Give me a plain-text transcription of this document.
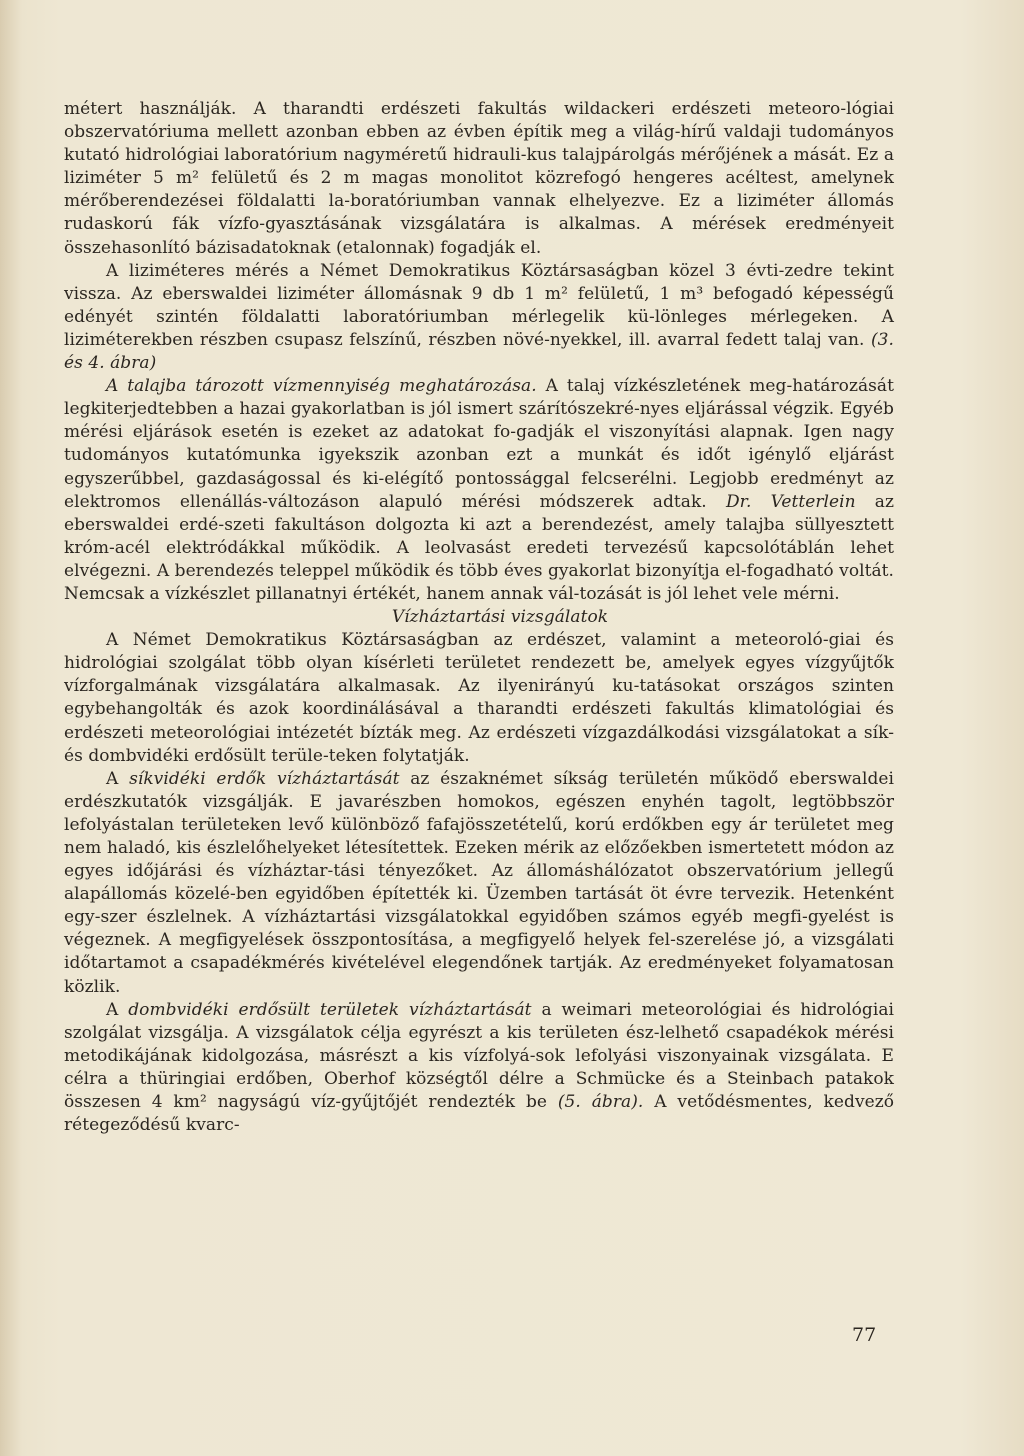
métert használják. A tharandti erdészeti fakultás wildackeri erdészeti meteoro-lógiai obszervatóriuma mellett azonban ebben az évben építik meg a világ-hírű valdaji tudományos kutató hidrológiai laboratórium nagyméretű hidrauli-kus talajpárolgás mérőjének a mását. Ez a liziméter 5 m² felületű és 2 m magas monolitot közrefogó hengeres acéltest, amelynek mérőberendezései földalatti la-boratóriumban vannak elhelyezve. Ez a liziméter állomás rudaskorú fák vízfo-gyasztásának vizsgálatára is alkalmas. A mérések eredményeit összehasonlító bázisadatoknak (etalonnak) fogadják el.

A liziméteres mérés a Német Demokratikus Köztársaságban közel 3 évti-zedre tekint vissza. Az eberswaldei liziméter állomásnak 9 db 1 m² felületű, 1 m³ befogadó képességű edényét szintén földalatti laboratóriumban mérlegelik kü-lönleges mérlegeken. A liziméterekben részben csupasz felszínű, részben növé-nyekkel, ill. avarral fedett talaj van. (3. és 4. ábra)

A talajba tározott vízmennyiség meghatározása. A talaj vízkészletének meg-határozását legkiterjedtebben a hazai gyakorlatban is jól ismert szárítószekré-nyes eljárással végzik. Egyéb mérési eljárások esetén is ezeket az adatokat fo-gadják el viszonyítási alapnak. Igen nagy tudományos kutatómunka igyekszik azonban ezt a munkát és időt igénylő eljárást egyszerűbbel, gazdaságossal és ki-elégítő pontossággal felcserélni. Legjobb eredményt az elektromos ellenállás-változáson alapuló mérési módszerek adtak. Dr. Vetterlein az eberswaldei erdé-szeti fakultáson dolgozta ki azt a berendezést, amely talajba süllyesztett króm-acél elektródákkal működik. A leolvasást eredeti tervezésű kapcsolótáblán lehet elvégezni. A berendezés teleppel működik és több éves gyakorlat bizonyítja el-fogadható voltát. Nemcsak a vízkészlet pillanatnyi értékét, hanem annak vál-tozását is jól lehet vele mérni.

Vízháztartási vizsgálatok

A Német Demokratikus Köztársaságban az erdészet, valamint a meteoroló-giai és hidrológiai szolgálat több olyan kísérleti területet rendezett be, amelyek egyes vízgyűjtők vízforgalmának vizsgálatára alkalmasak. Az ilyenirányú ku-tatásokat országos szinten egybehangolták és azok koordinálásával a tharandti erdészeti fakultás klimatológiai és erdészeti meteorológiai intézetét bízták meg. Az erdészeti vízgazdálkodási vizsgálatokat a sík- és dombvidéki erdősült terüle-teken folytatják.

A síkvidéki erdők vízháztartását az északnémet síkság területén működő eberswaldei erdészkutatók vizsgálják. E javarészben homokos, egészen enyhén tagolt, legtöbbször lefolyástalan területeken levő különböző fafajösszetételű, korú erdőkben egy ár területet meg nem haladó, kis észlelőhelyeket létesítettek. Ezeken mérik az előzőekben ismertetett módon az egyes időjárási és vízháztar-tási tényezőket. Az állomáshálózatot obszervatórium jellegű alapállomás közelé-ben egyidőben építették ki. Üzemben tartását öt évre tervezik. Hetenként egy-szer észlelnek. A vízháztartási vizsgálatokkal egyidőben számos egyéb megfi-gyelést is végeznek. A megfigyelések összpontosítása, a megfigyelő helyek fel-szerelése jó, a vizsgálati időtartamot a csapadékmérés kivételével elegendőnek tartják. Az eredményeket folyamatosan közlik.

A dombvidéki erdősült területek vízháztartását a weimari meteorológiai és hidrológiai szolgálat vizsgálja. A vizsgálatok célja egyrészt a kis területen ész-lelhető csapadékok mérési metodikájának kidolgozása, másrészt a kis vízfolyá-sok lefolyási viszonyainak vizsgálata. E célra a thüringiai erdőben, Oberhof községtől délre a Schmücke és a Steinbach patakok összesen 4 km² nagyságú víz-gyűjtőjét rendezték be (5. ábra). A vetődésmentes, kedvező rétegeződésű kvarc-

77
